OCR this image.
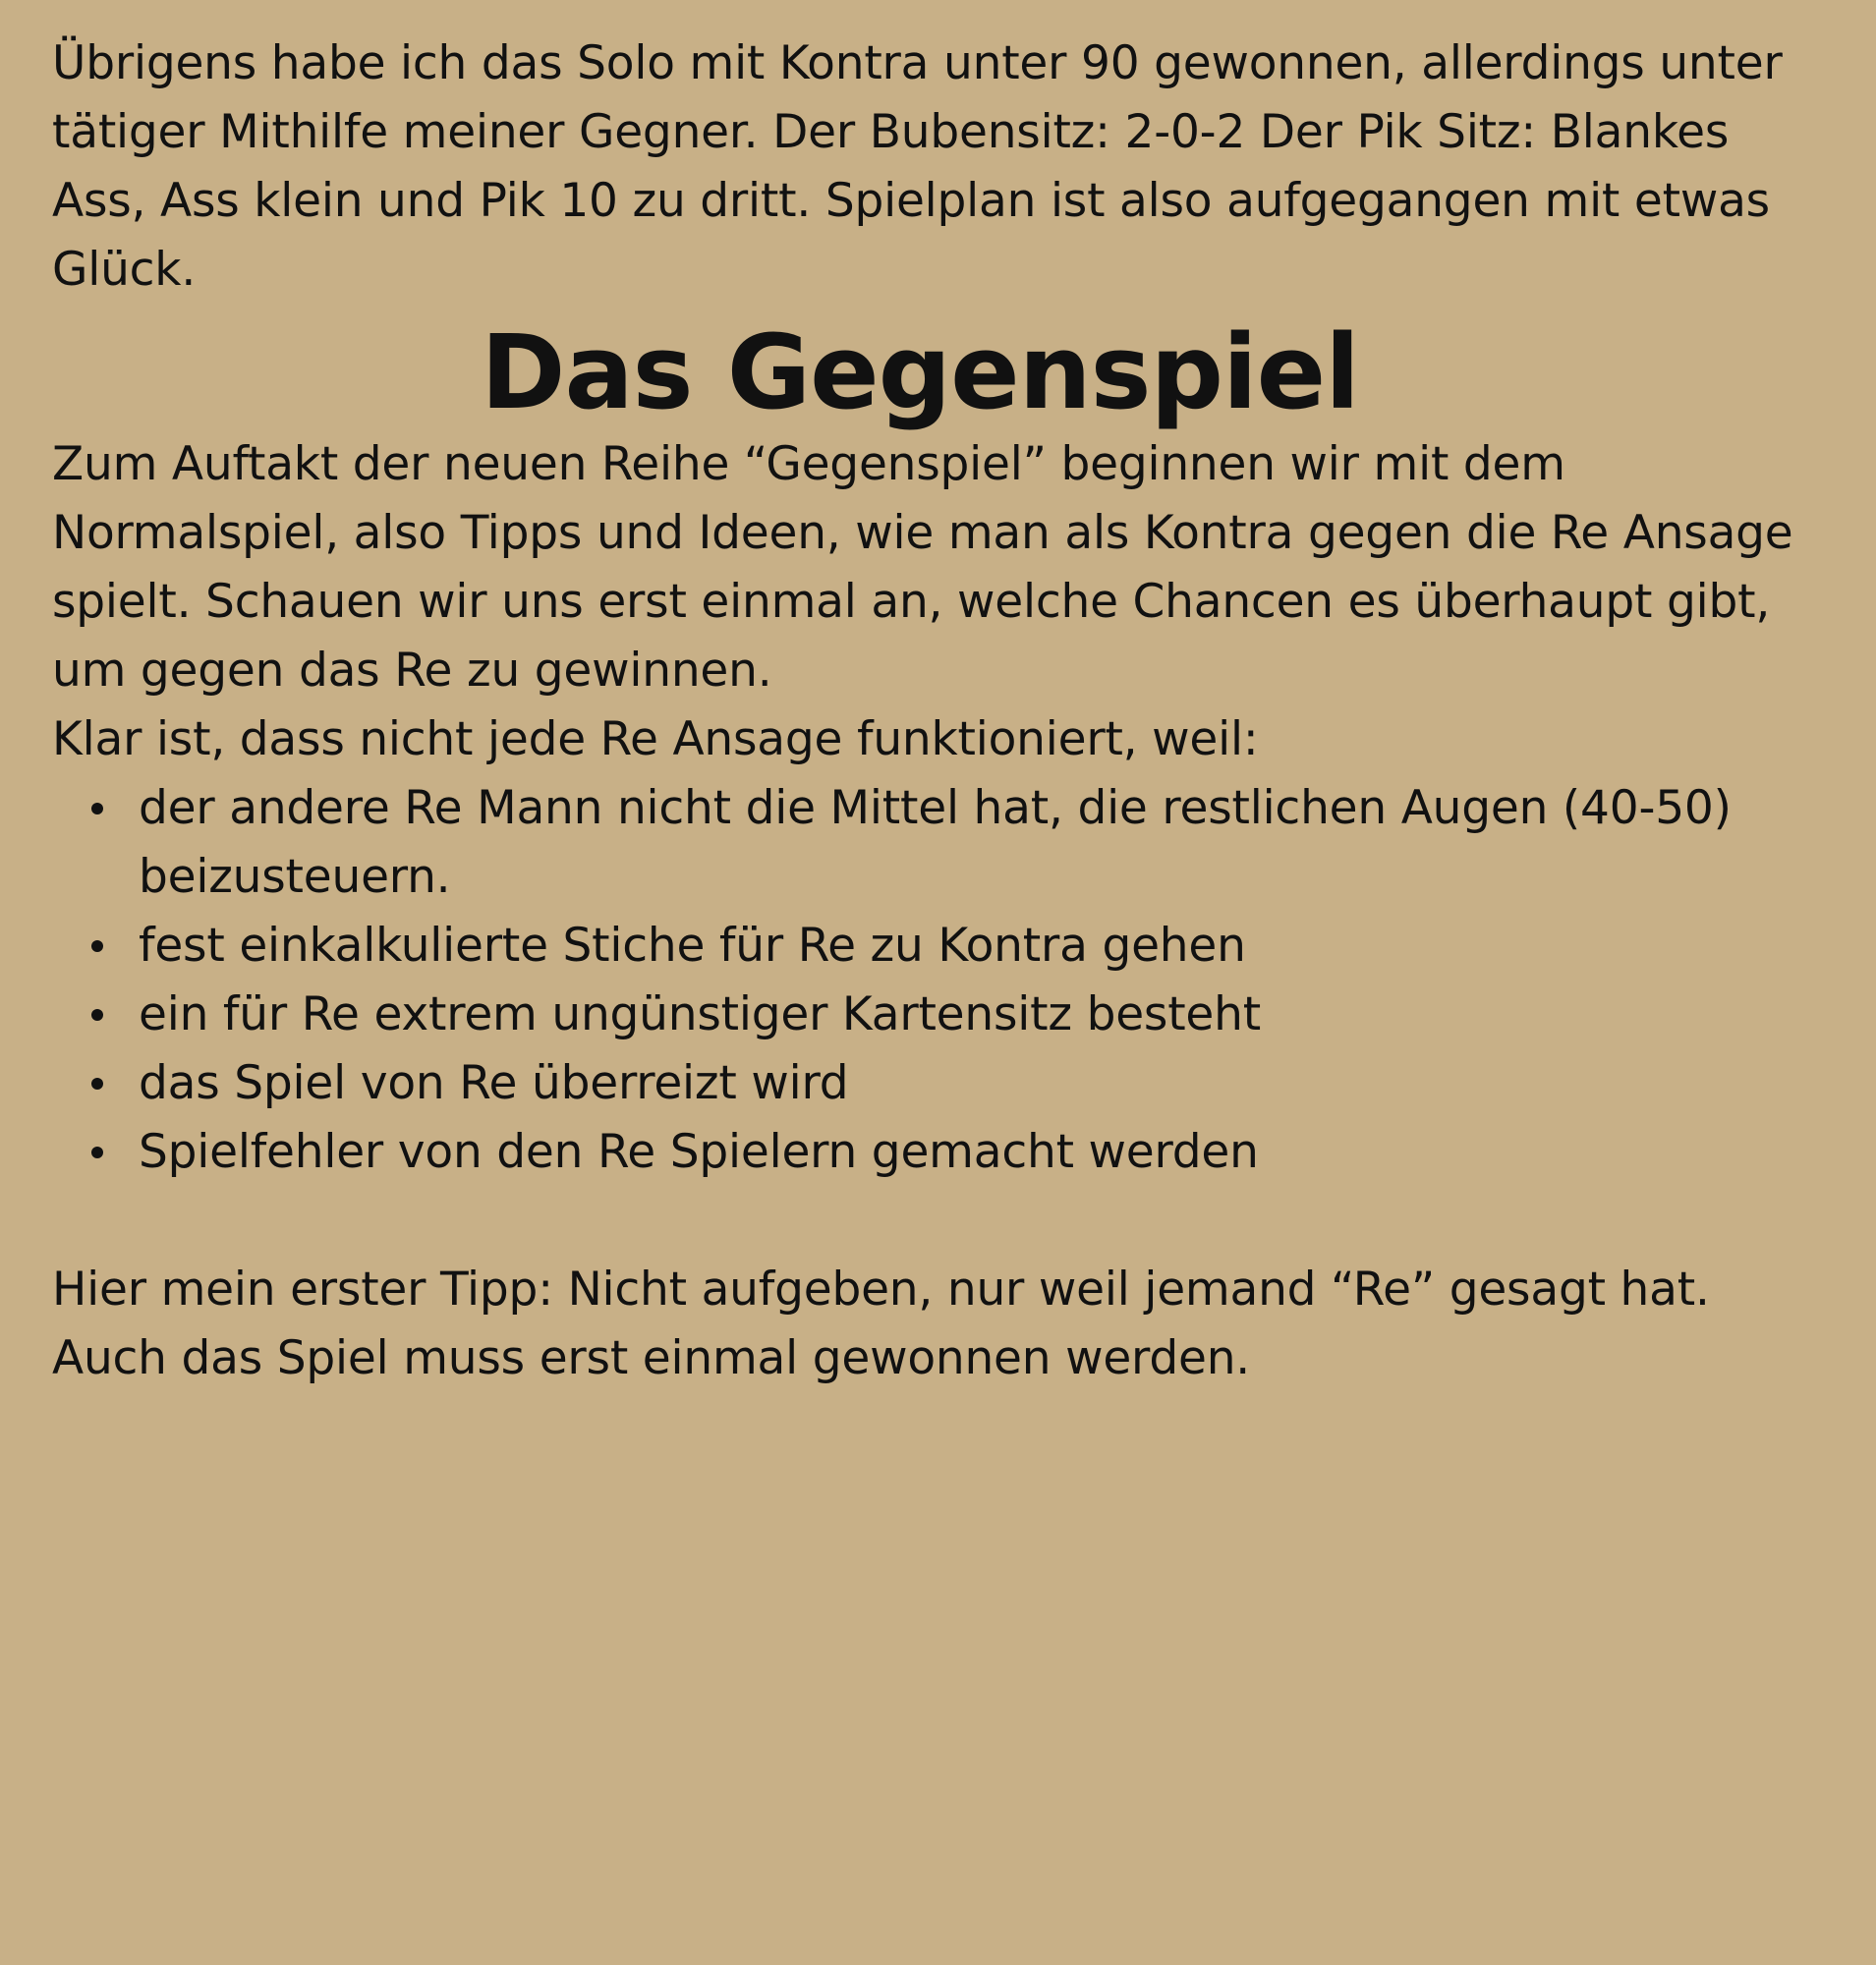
Übrigens habe ich das Solo mit Kontra unter 90 gewonnen, allerdings unter tätiger Mithilfe meiner Gegner. Der Bubensitz: 2-0-2 Der Pik Sitz: Blankes Ass, Ass klein und Pik 10 zu dritt. Spielplan ist also aufgegangen mit etwas Glück.

Das Gegenspiel

Zum Auftakt der neuen Reihe “Gegenspiel” beginnen wir mit dem Normalspiel, also Tipps und Ideen, wie man als Kontra gegen die Re Ansage spielt. Schauen wir uns erst einmal an, welche Chancen es überhaupt gibt, um gegen das Re zu gewinnen.

Klar ist, dass nicht jede Re Ansage funktioniert, weil:

der andere Re Mann nicht die Mittel hat, die restlichen Augen (40-50) beizusteuern.
fest einkalkulierte Stiche für Re zu Kontra gehen
ein für Re extrem ungünstiger Kartensitz besteht
das Spiel von Re überreizt wird
Spielfehler von den Re Spielern gemacht werden

Hier mein erster Tipp: Nicht aufgeben, nur weil jemand “Re” gesagt hat. Auch das Spiel muss erst einmal gewonnen werden.
